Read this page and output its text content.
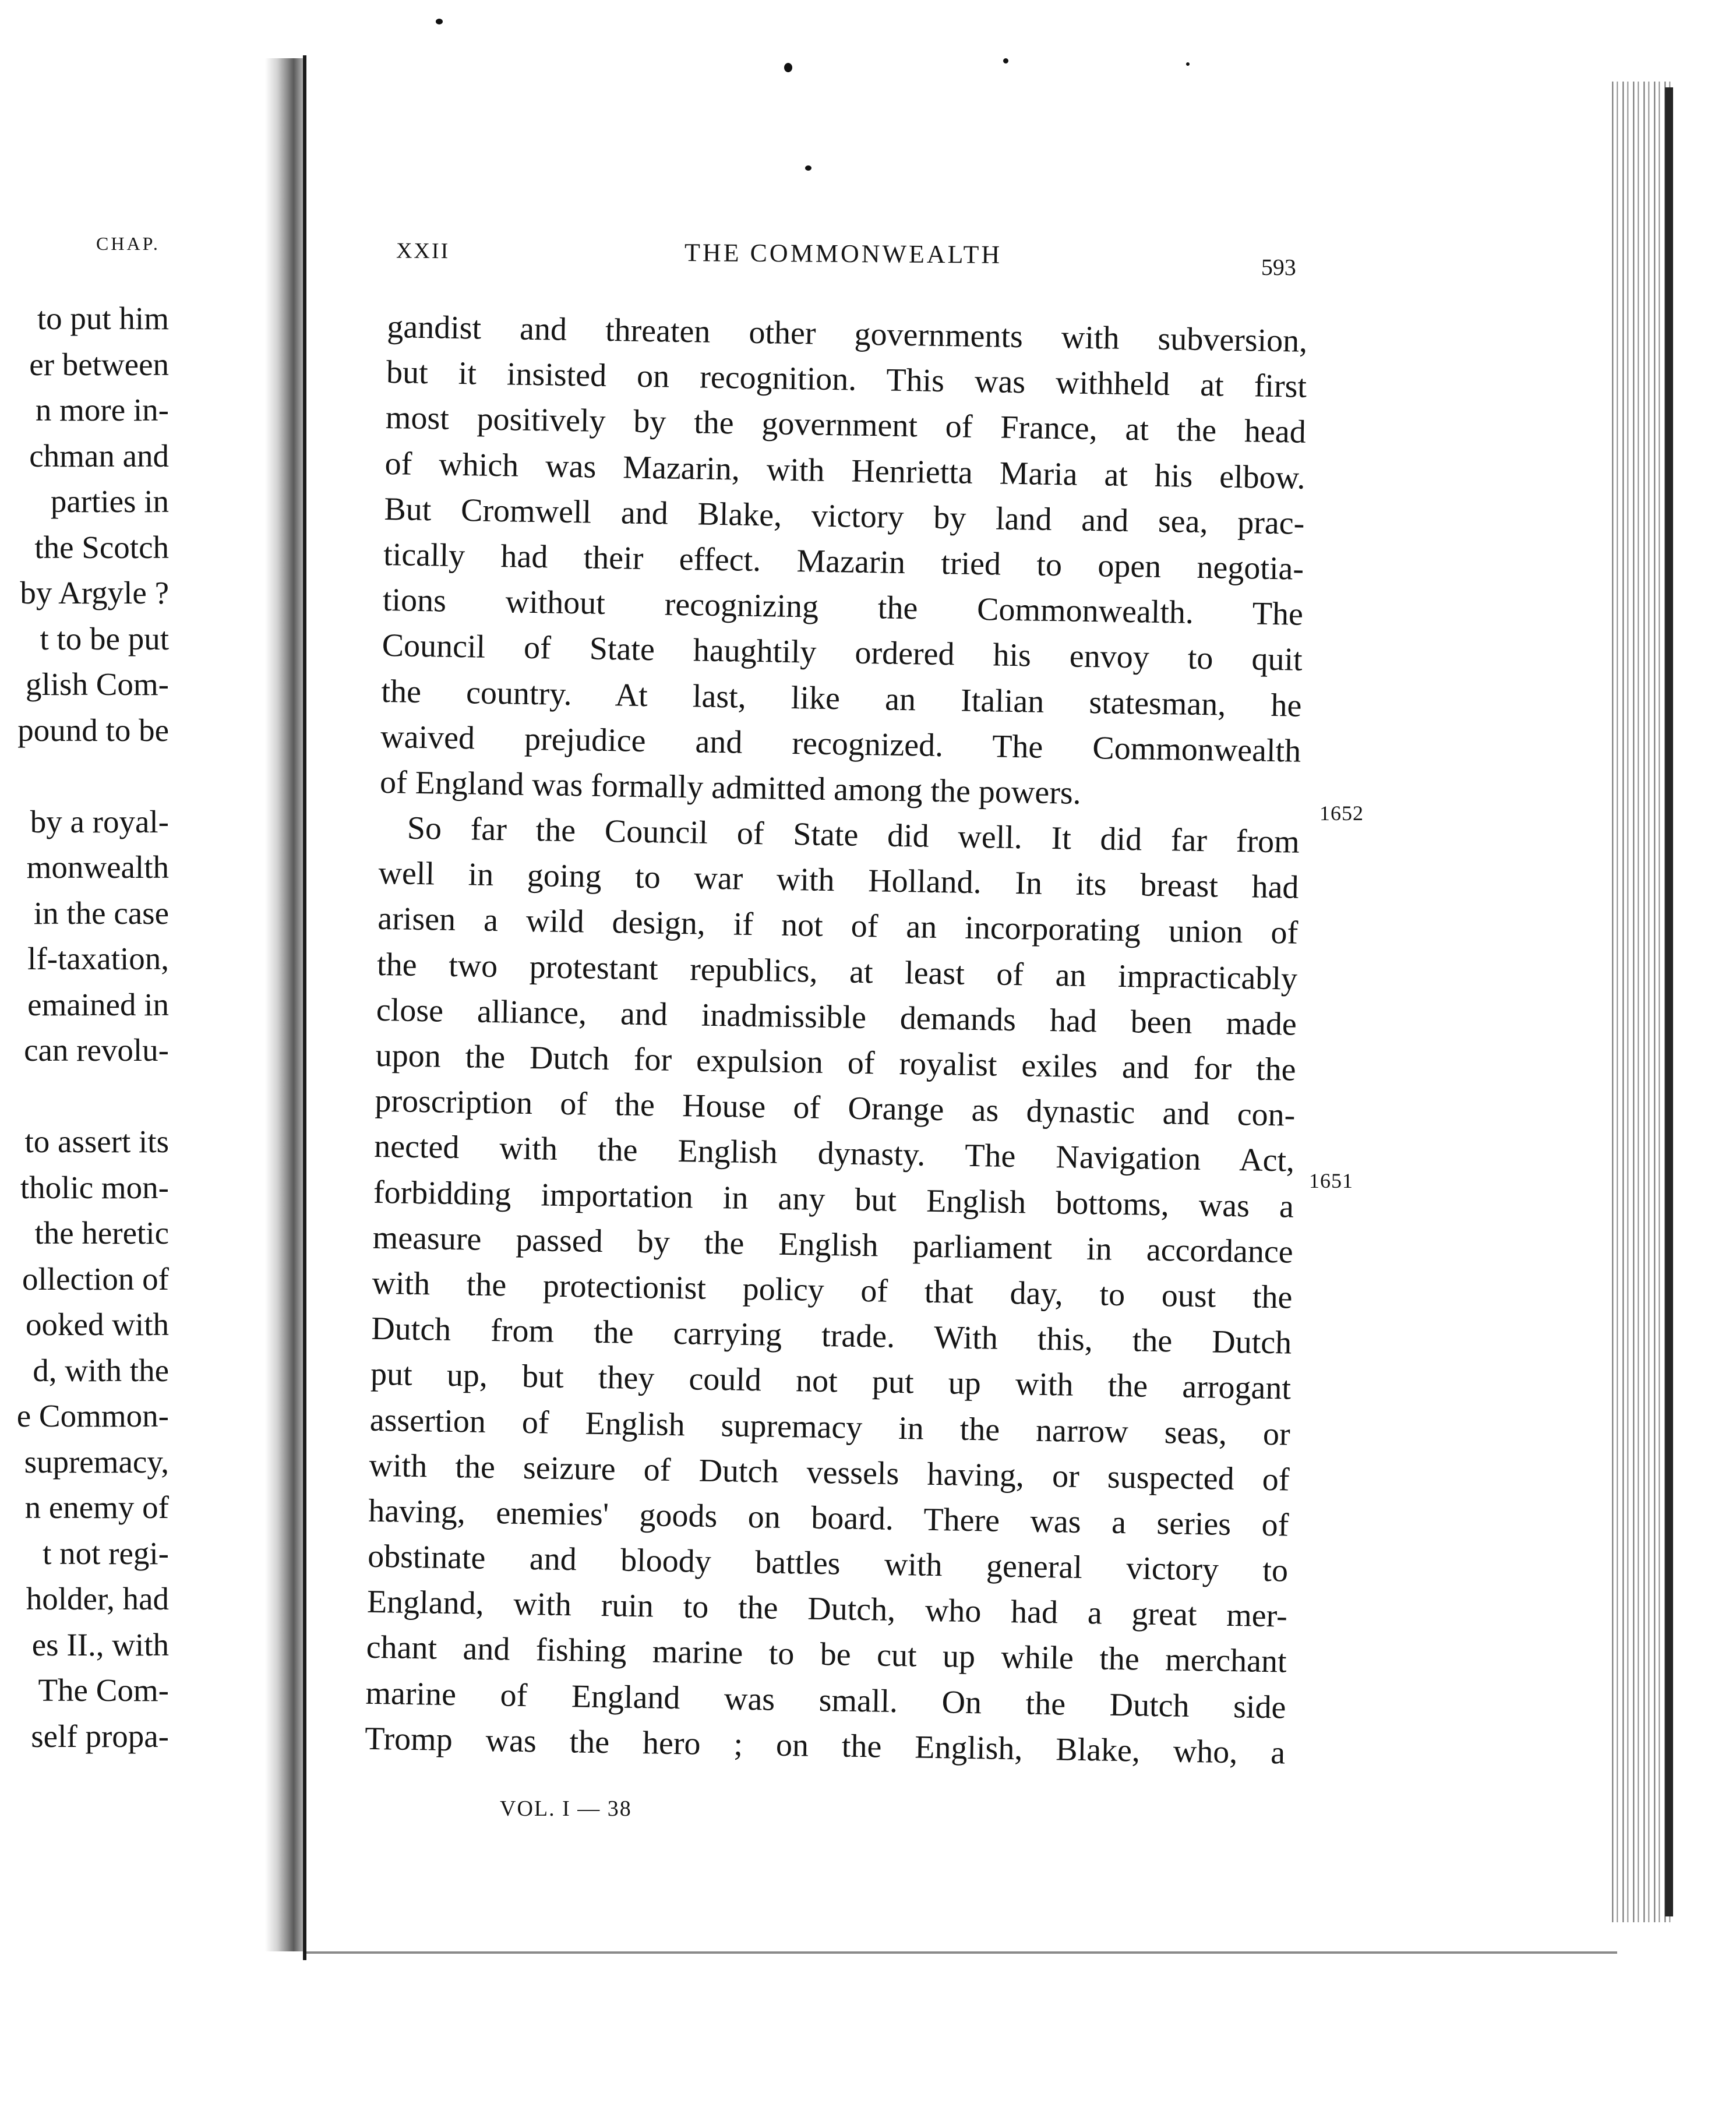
CHAP.
to put him
er between
n more in-
chman and
parties in
the Scotch
by Argyle ?
t to be put
glish Com-
pound to be
by a royal-
monwealth
in the case
lf-taxation,
emained in
can revolu-
to assert its
tholic mon-
the heretic
ollection of
ooked with
d, with the
e Common-
supremacy,
n enemy of
t not regi-
holder, had
es II., with
The Com-
self propa-
XXII	THE COMMONWEALTH	593
gandist and threaten other governments with subversion,
but it insisted on recognition. This was withheld at first
most positively by the government of France, at the head
of which was Mazarin, with Henrietta Maria at his elbow.
But Cromwell and Blake, victory by land and sea, prac-
tically had their effect. Mazarin tried to open negotia-
tions without recognizing the Commonwealth. The
Council of State haughtily ordered his envoy to quit
the country. At last, like an Italian statesman, he
waived prejudice and recognized. The Commonwealth
of England was formally admitted among the powers.
So far the Council of State did well. It did far from
well in going to war with Holland. In its breast had
arisen a wild design, if not of an incorporating union of
the two protestant republics, at least of an impracticably
close alliance, and inadmissible demands had been made
upon the Dutch for expulsion of royalist exiles and for the
proscription of the House of Orange as dynastic and con-
nected with the English dynasty. The Navigation Act,
forbidding importation in any but English bottoms, was a
measure passed by the English parliament in accordance
with the protectionist policy of that day, to oust the
Dutch from the carrying trade. With this, the Dutch
put up, but they could not put up with the arrogant
assertion of English supremacy in the narrow seas, or
with the seizure of Dutch vessels having, or suspected of
having, enemies' goods on board. There was a series of
obstinate and bloody battles with general victory to
England, with ruin to the Dutch, who had a great mer-
chant and fishing marine to be cut up while the merchant
marine of England was small. On the Dutch side
Tromp was the hero ; on the English, Blake, who, a
1652
1651
VOL. I — 38
